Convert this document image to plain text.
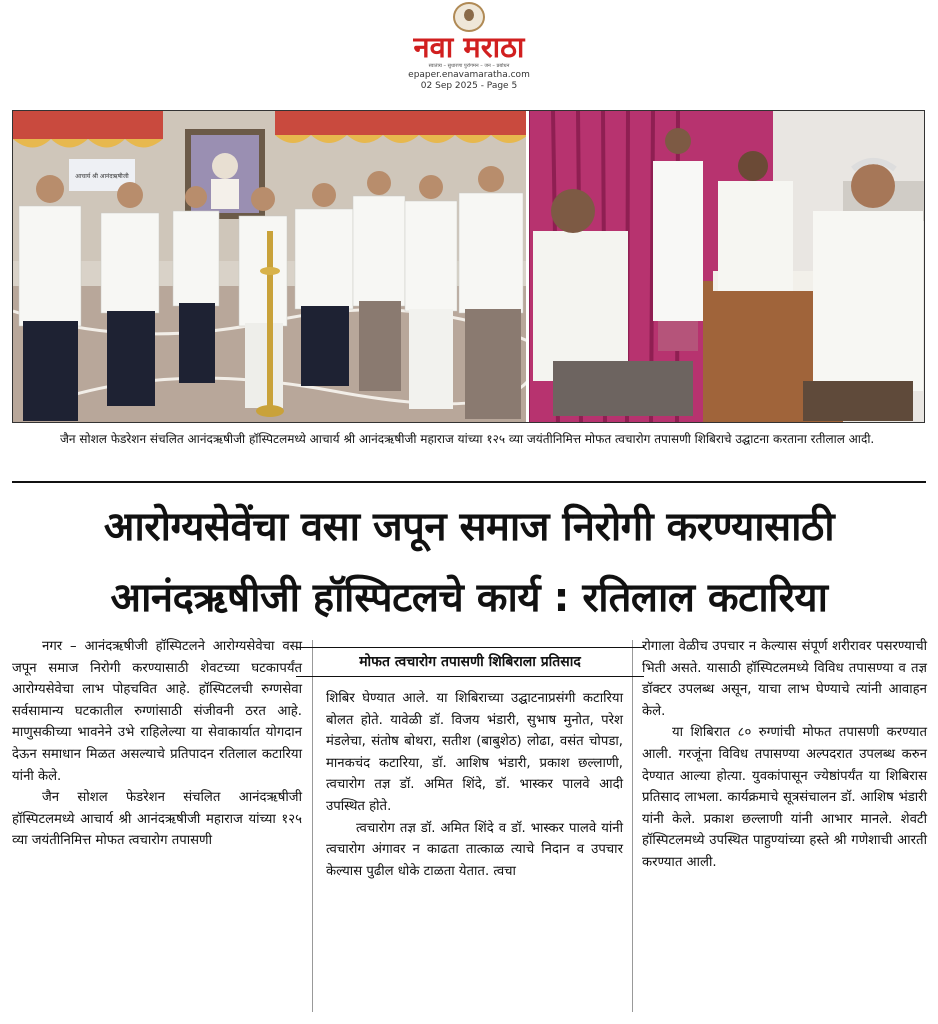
नवा मराठा
स्वातंत्र्य – सुधारणा पुरोगमन – जन – प्रबोधन
epaper.enavamaratha.com
02 Sep 2025 - Page 5
आचार्य श्री आनंदऋषीजी
जैन सोशल फेडरेशन संचलित आनंदऋषीजी हॉस्पिटलमध्ये आचार्य श्री आनंदऋषीजी महाराज यांच्या १२५ व्या जयंतीनिमित्त मोफत त्वचारोग तपासणी शिबिराचे उद्घाटना करताना रतीलाल आदी.
आरोग्यसेवेंचा वसा जपून समाज निरोगी करण्यासाठी
आनंदऋषीजी हॉस्पिटलचे कार्य : रतिलाल कटारिया

नगर – आनंदऋषीजी हॉस्पिटलने आरोग्यसेवेचा वसा जपून समाज निरोगी करण्यासाठी शेवटच्या घटकापर्यंत आरोग्यसेवेचा लाभ पोहचवित आहे. हॉस्पिटलची रुग्णसेवा सर्वसामान्य घटकातील रुग्णांसाठी संजीवनी ठरत आहे. माणुसकीच्या भावनेने उभे राहिलेल्या या सेवाकार्यात योगदान देऊन समाधान मिळत असल्याचे प्रतिपादन रतिलाल कटारिया यांनी केले.

जैन सोशल फेडरेशन संचलित आनंदऋषीजी हॉस्पिटलमध्ये आचार्य श्री आनंदऋषीजी महाराज यांच्या १२५ व्या जयंतीनिमित्त मोफत त्वचारोग तपासणी

मोफत त्वचारोग तपासणी शिबिराला प्रतिसाद

शिबिर घेण्यात आले. या शिबिराच्या उद्घाटनाप्रसंगी कटारिया बोलत होते. यावेळी डॉ. विजय भंडारी, सुभाष मुनोत, परेश मंडलेचा, संतोष बोथरा, सतीश (बाबुशेठ) लोढा, वसंत चोपडा, मानकचंद कटारिया, डॉ. आशिष भंडारी, प्रकाश छल्लाणी, त्वचारोग तज्ञ डॉ. अमित शिंदे, डॉ. भास्कर पालवे आदी उपस्थित होते.

त्वचारोग तज्ञ डॉ. अमित शिंदे व डॉ. भास्कर पालवे यांनी त्वचारोग अंगावर न काढता तात्काळ त्याचे निदान व उपचार केल्यास पुढील धोके टाळता येतात. त्वचा

रोगाला वेळीच उपचार न केल्यास संपूर्ण शरीरावर पसरण्याची भिती असते. यासाठी हॉस्पिटलमध्ये विविध तपासण्या व तज्ञ डॉक्टर उपलब्ध असून, याचा लाभ घेण्याचे त्यांनी आवाहन केले.

या शिबिरात ८० रुग्णांची मोफत तपासणी करण्यात आली. गरजूंना विविध तपासण्या अल्पदरात उपलब्ध करुन देण्यात आल्या होत्या. युवकांपासून ज्येष्ठांपर्यंत या शिबिरास प्रतिसाद लाभला. कार्यक्रमाचे सूत्रसंचालन डॉ. आशिष भंडारी यांनी केले. प्रकाश छल्लाणी यांनी आभार मानले. शेवटी हॉस्पिटलमध्ये उपस्थित पाहुण्यांच्या हस्ते श्री गणेशाची आरती करण्यात आली.
